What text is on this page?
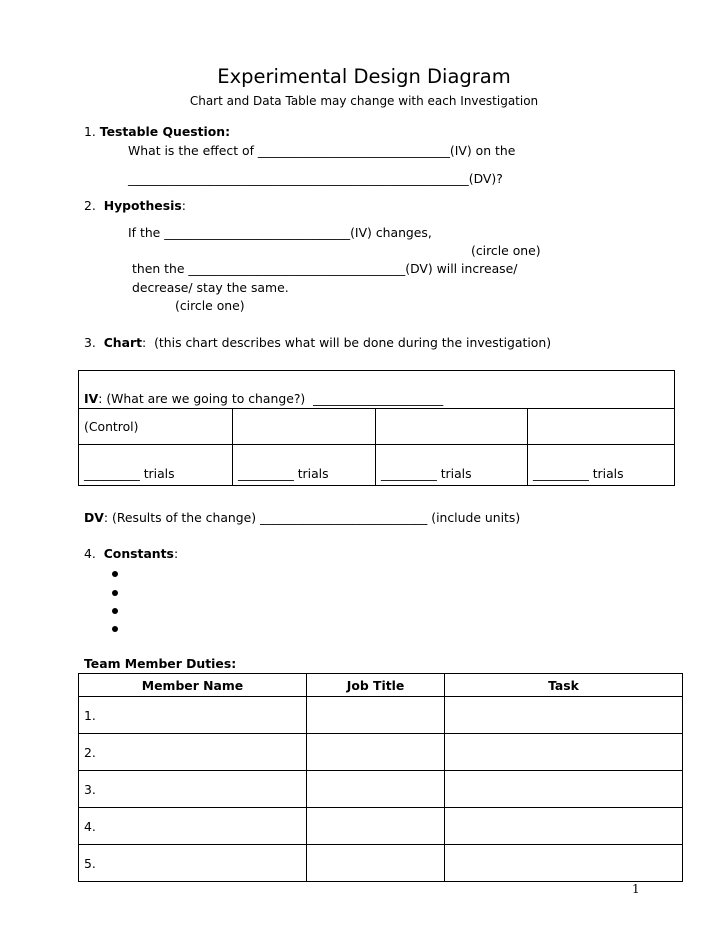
Experimental Design Diagram
Chart and Data Table may change with each Investigation
1. Testable Question:
What is the effect of _______________________________(IV) on the
_______________________________________________________(DV)?
2. Hypothesis:
If the ______________________________(IV) changes,
(circle one)
then the ___________________________________(DV) will increase/
decrease/ stay the same.
(circle one)
3. Chart:  (this chart describes what will be done during the investigation)
IV: (What are we going to change?)  _____________________			
(Control)			
_________ trials	_________ trials	_________ trials	_________ trials
DV: (Results of the change) ___________________________ (include units)
4. Constants:
Team Member Duties:
Member Name	Job Title	Task
1.		
2.		
3.		
4.		
5.		
1
